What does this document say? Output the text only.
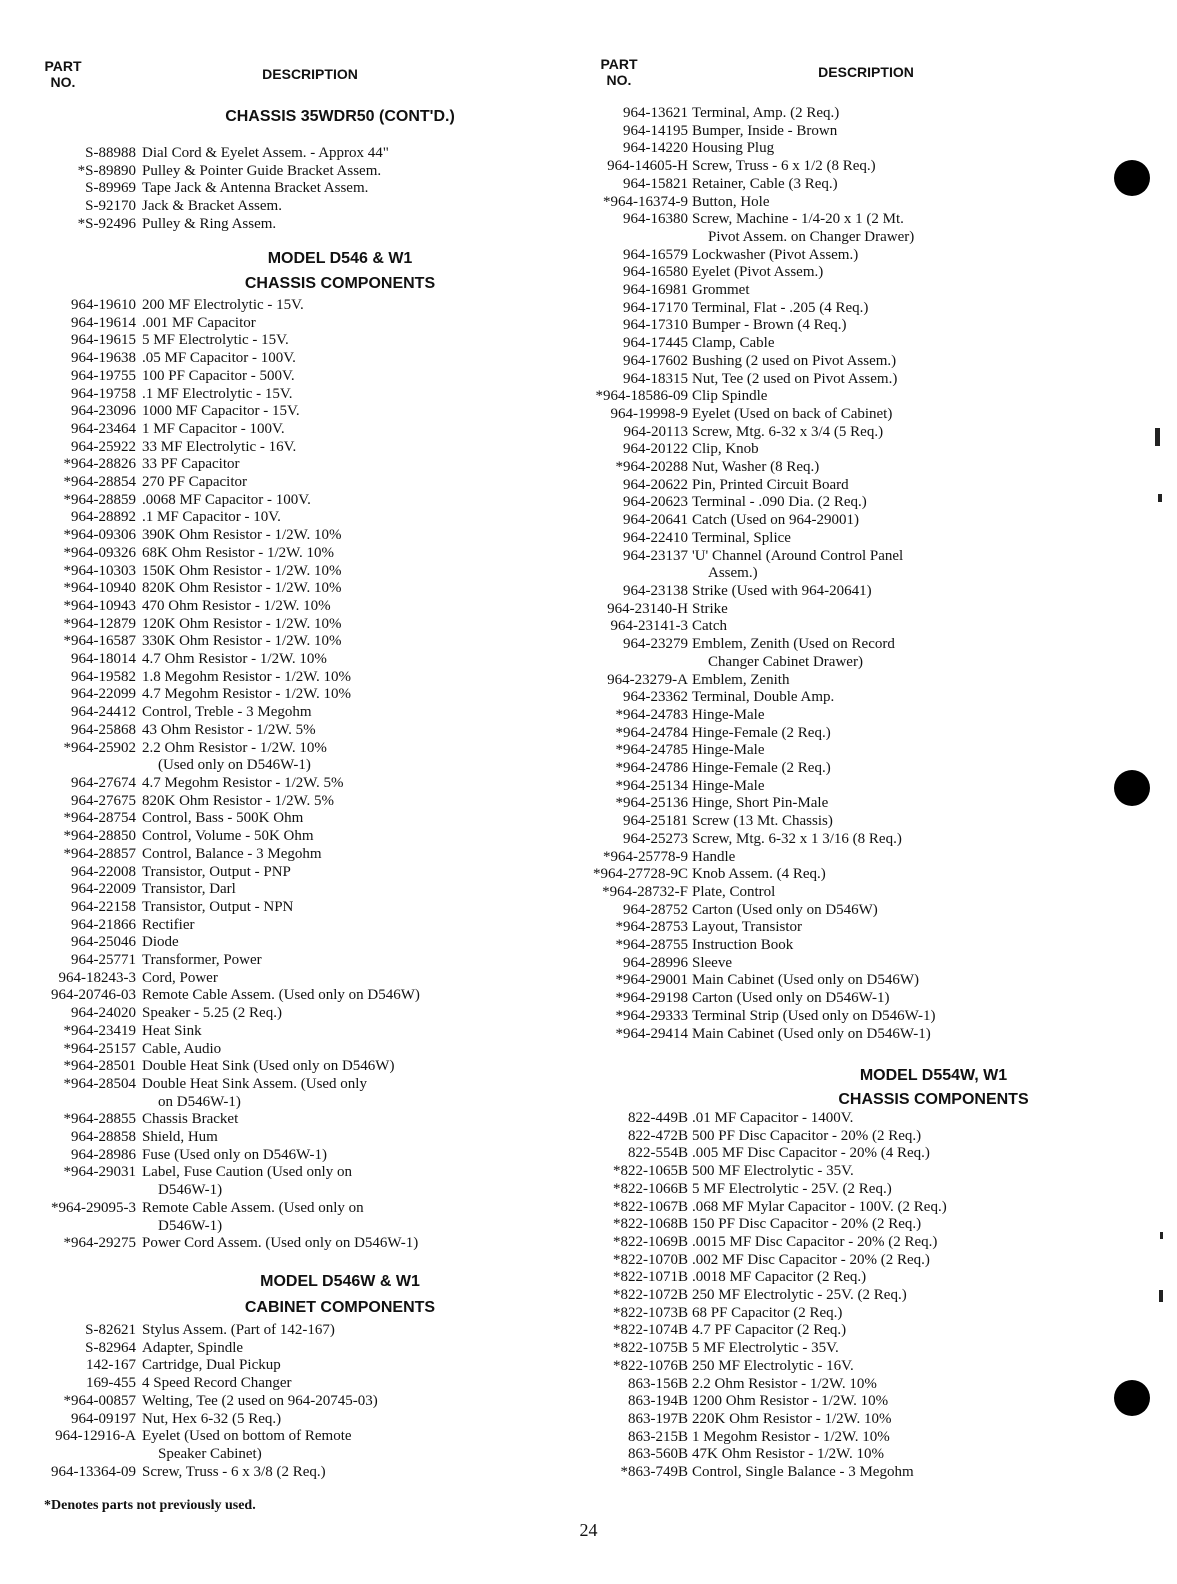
PART
NO.	DESCRIPTION
CHASSIS 35WDR50 (CONT'D.)
S-88988 Dial Cord & Eyelet Assem. - Approx 44"

*S-89890 Pulley & Pointer Guide Bracket Assem.

S-89969 Tape Jack & Antenna Bracket Assem.

S-92170 Jack & Bracket Assem.

*S-92496 Pulley & Ring Assem.

MODEL D546 & W1
CHASSIS COMPONENTS
964-19610 200 MF Electrolytic - 15V.

964-19614 .001 MF Capacitor

964-19615 5 MF Electrolytic - 15V.

964-19638 .05 MF Capacitor - 100V.

964-19755 100 PF Capacitor - 500V.

964-19758 .1 MF Electrolytic - 15V.

964-23096 1000 MF Capacitor - 15V.

964-23464 1 MF Capacitor - 100V.

964-25922 33 MF Electrolytic - 16V.

*964-28826 33 PF Capacitor

*964-28854 270 PF Capacitor

*964-28859 .0068 MF Capacitor - 100V.

964-28892 .1 MF Capacitor - 10V.

*964-09306 390K Ohm Resistor - 1/2W. 10%

*964-09326 68K Ohm Resistor - 1/2W. 10%

*964-10303 150K Ohm Resistor - 1/2W. 10%

*964-10940 820K Ohm Resistor - 1/2W. 10%

*964-10943 470 Ohm Resistor - 1/2W. 10%

*964-12879 120K Ohm Resistor - 1/2W. 10%

*964-16587 330K Ohm Resistor - 1/2W. 10%

964-18014 4.7 Ohm Resistor - 1/2W. 10%

964-19582 1.8 Megohm Resistor - 1/2W. 10%

964-22099 4.7 Megohm Resistor - 1/2W. 10%

964-24412 Control, Treble - 3 Megohm

964-25868 43 Ohm Resistor - 1/2W. 5%

*964-25902 2.2 Ohm Resistor - 1/2W. 10%

(Used only on D546W-1)
964-27674 4.7 Megohm Resistor - 1/2W. 5%

964-27675 820K Ohm Resistor - 1/2W. 5%

*964-28754 Control, Bass - 500K Ohm

*964-28850 Control, Volume - 50K Ohm

*964-28857 Control, Balance - 3 Megohm

964-22008 Transistor, Output - PNP

964-22009 Transistor, Darl

964-22158 Transistor, Output - NPN

964-21866 Rectifier

964-25046 Diode

964-25771 Transformer, Power

964-18243-3 Cord, Power

964-20746-03 Remote Cable Assem. (Used only on D546W)

964-24020 Speaker - 5.25 (2 Req.)

*964-23419 Heat Sink

*964-25157 Cable, Audio

*964-28501 Double Heat Sink (Used only on D546W)

*964-28504 Double Heat Sink Assem. (Used only

on D546W-1)
*964-28855 Chassis Bracket

964-28858 Shield, Hum

964-28986 Fuse (Used only on D546W-1)

*964-29031 Label, Fuse Caution (Used only on

D546W-1)
*964-29095-3 Remote Cable Assem. (Used only on

D546W-1)
*964-29275 Power Cord Assem. (Used only on D546W-1)

MODEL D546W & W1
CABINET COMPONENTS
S-82621 Stylus Assem. (Part of 142-167)

S-82964 Adapter, Spindle

142-167 Cartridge, Dual Pickup

169-455 4 Speed Record Changer

*964-00857 Welting, Tee (2 used on 964-20745-03)

964-09197 Nut, Hex 6-32 (5 Req.)

964-12916-A Eyelet (Used on bottom of Remote

Speaker Cabinet)
964-13364-09 Screw, Truss - 6 x 3/8 (2 Req.)

*Denotes parts not previously used.
PART
NO.	DESCRIPTION
964-13621 Terminal, Amp. (2 Req.)

964-14195 Bumper, Inside - Brown

964-14220 Housing Plug

964-14605-H Screw, Truss - 6 x 1/2 (8 Req.)

964-15821 Retainer, Cable (3 Req.)

*964-16374-9 Button, Hole

964-16380 Screw, Machine - 1/4-20 x 1 (2 Mt.

Pivot Assem. on Changer Drawer)
964-16579 Lockwasher (Pivot Assem.)

964-16580 Eyelet (Pivot Assem.)

964-16981 Grommet

964-17170 Terminal, Flat - .205 (4 Req.)

964-17310 Bumper - Brown (4 Req.)

964-17445 Clamp, Cable

964-17602 Bushing (2 used on Pivot Assem.)

964-18315 Nut, Tee (2 used on Pivot Assem.)

*964-18586-09 Clip Spindle

964-19998-9 Eyelet (Used on back of Cabinet)

964-20113 Screw, Mtg. 6-32 x 3/4 (5 Req.)

964-20122 Clip, Knob

*964-20288 Nut, Washer (8 Req.)

964-20622 Pin, Printed Circuit Board

964-20623 Terminal - .090 Dia. (2 Req.)

964-20641 Catch (Used on 964-29001)

964-22410 Terminal, Splice

964-23137 'U' Channel (Around Control Panel

Assem.)
964-23138 Strike (Used with 964-20641)

964-23140-H Strike

964-23141-3 Catch

964-23279 Emblem, Zenith (Used on Record

Changer Cabinet Drawer)
964-23279-A Emblem, Zenith

964-23362 Terminal, Double Amp.

*964-24783 Hinge-Male

*964-24784 Hinge-Female (2 Req.)

*964-24785 Hinge-Male

*964-24786 Hinge-Female (2 Req.)

*964-25134 Hinge-Male

*964-25136 Hinge, Short Pin-Male

964-25181 Screw (13 Mt. Chassis)

964-25273 Screw, Mtg. 6-32 x 1 3/16 (8 Req.)

*964-25778-9 Handle

*964-27728-9C Knob Assem. (4 Req.)

*964-28732-F Plate, Control

964-28752 Carton (Used only on D546W)

*964-28753 Layout, Transistor

*964-28755 Instruction Book

964-28996 Sleeve

*964-29001 Main Cabinet (Used only on D546W)

*964-29198 Carton (Used only on D546W-1)

*964-29333 Terminal Strip (Used only on D546W-1)

*964-29414 Main Cabinet (Used only on D546W-1)

MODEL D554W, W1
CHASSIS COMPONENTS
822-449B .01 MF Capacitor - 1400V.

822-472B 500 PF Disc Capacitor - 20% (2 Req.)

822-554B .005 MF Disc Capacitor - 20% (4 Req.)

*822-1065B 500 MF Electrolytic - 35V.

*822-1066B 5 MF Electrolytic - 25V. (2 Req.)

*822-1067B .068 MF Mylar Capacitor - 100V. (2 Req.)

*822-1068B 150 PF Disc Capacitor - 20% (2 Req.)

*822-1069B .0015 MF Disc Capacitor - 20% (2 Req.)

*822-1070B .002 MF Disc Capacitor - 20% (2 Req.)

*822-1071B .0018 MF Capacitor (2 Req.)

*822-1072B 250 MF Electrolytic - 25V. (2 Req.)

*822-1073B 68 PF Capacitor (2 Req.)

*822-1074B 4.7 PF Capacitor (2 Req.)

*822-1075B 5 MF Electrolytic - 35V.

*822-1076B 250 MF Electrolytic - 16V.

863-156B 2.2 Ohm Resistor - 1/2W. 10%

863-194B 1200 Ohm Resistor - 1/2W. 10%

863-197B 220K Ohm Resistor - 1/2W. 10%

863-215B 1 Megohm Resistor - 1/2W. 10%

863-560B 47K Ohm Resistor - 1/2W. 10%

*863-749B Control, Single Balance - 3 Megohm

24
